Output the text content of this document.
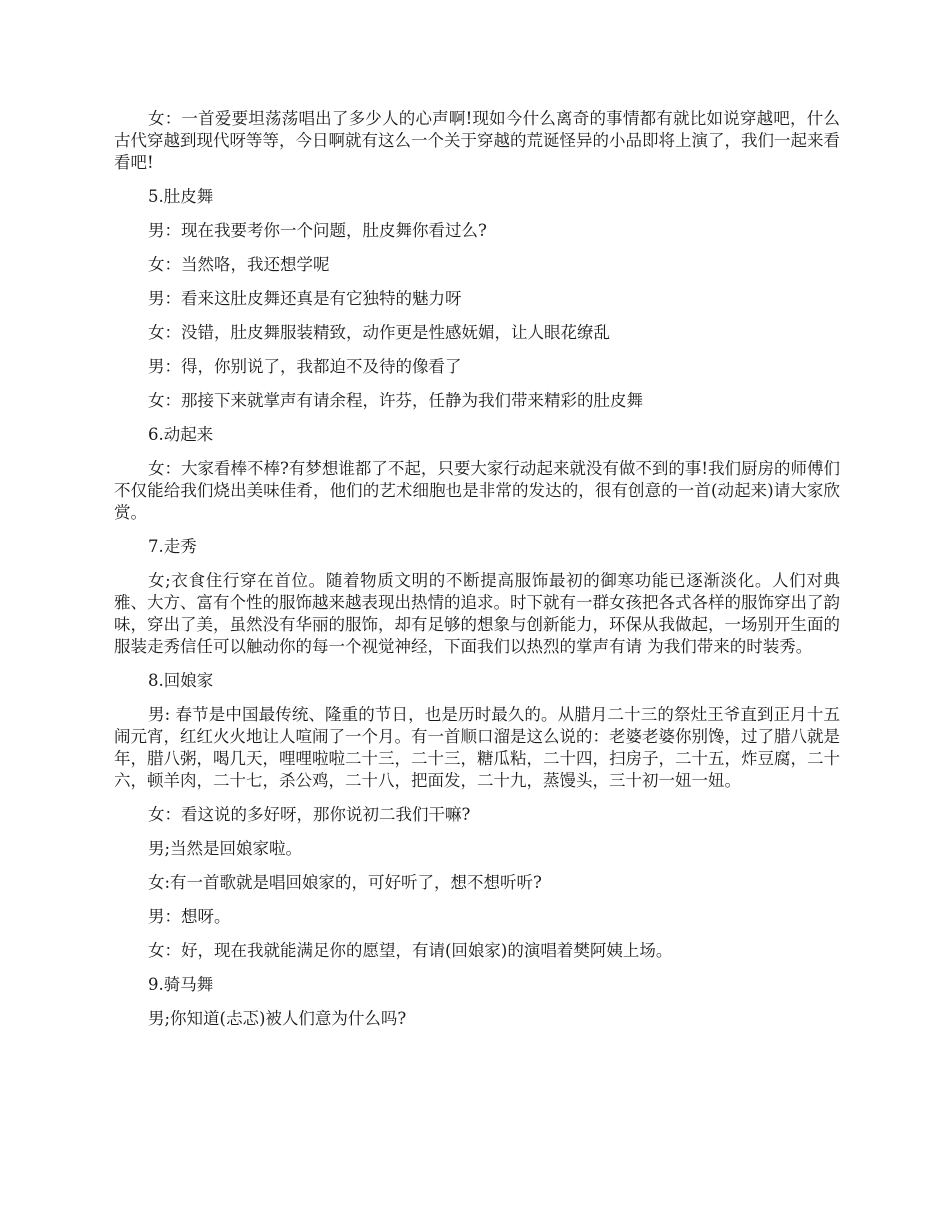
女：一首爱要坦荡荡唱出了多少人的心声啊!现如今什么离奇的事情都有就比如说穿越吧，什么古代穿越到现代呀等等，今日啊就有这么一个关于穿越的荒诞怪异的小品即将上演了，我们一起来看看吧!

5.肚皮舞

男：现在我要考你一个问题，肚皮舞你看过么?

女：当然咯，我还想学呢

男：看来这肚皮舞还真是有它独特的魅力呀

女：没错，肚皮舞服装精致，动作更是性感妩媚，让人眼花缭乱

男：得，你别说了，我都迫不及待的像看了

女：那接下来就掌声有请余程，许芬，任静为我们带来精彩的肚皮舞

6.动起来

女：大家看棒不棒?有梦想谁都了不起，只要大家行动起来就没有做不到的事!我们厨房的师傅们不仅能给我们烧出美味佳肴，他们的艺术细胞也是非常的发达的，很有创意的一首(动起来)请大家欣赏。

7.走秀

女;衣食住行穿在首位。随着物质文明的不断提高服饰最初的御寒功能已逐渐淡化。人们对典雅、大方、富有个性的服饰越来越表现出热情的追求。时下就有一群女孩把各式各样的服饰穿出了韵味，穿出了美，虽然没有华丽的服饰，却有足够的想象与创新能力，环保从我做起，一场别开生面的服装走秀信任可以触动你的每一个视觉神经，下面我们以热烈的掌声有请 为我们带来的时装秀。

8.回娘家

男: 春节是中国最传统、隆重的节日，也是历时最久的。从腊月二十三的祭灶王爷直到正月十五闹元宵，红红火火地让人喧闹了一个月。有一首顺口溜是这么说的：老婆老婆你别馋，过了腊八就是年，腊八粥，喝几天，哩哩啦啦二十三，二十三，糖瓜粘，二十四，扫房子，二十五，炸豆腐，二十六，顿羊肉，二十七，杀公鸡，二十八，把面发，二十九，蒸馒头，三十初一妞一妞。

女：看这说的多好呀，那你说初二我们干嘛?

男;当然是回娘家啦。

女:有一首歌就是唱回娘家的，可好听了，想不想听听?

男：想呀。

女：好，现在我就能满足你的愿望，有请(回娘家)的演唱着樊阿姨上场。

9.骑马舞

男;你知道(忐忑)被人们意为什么吗?
